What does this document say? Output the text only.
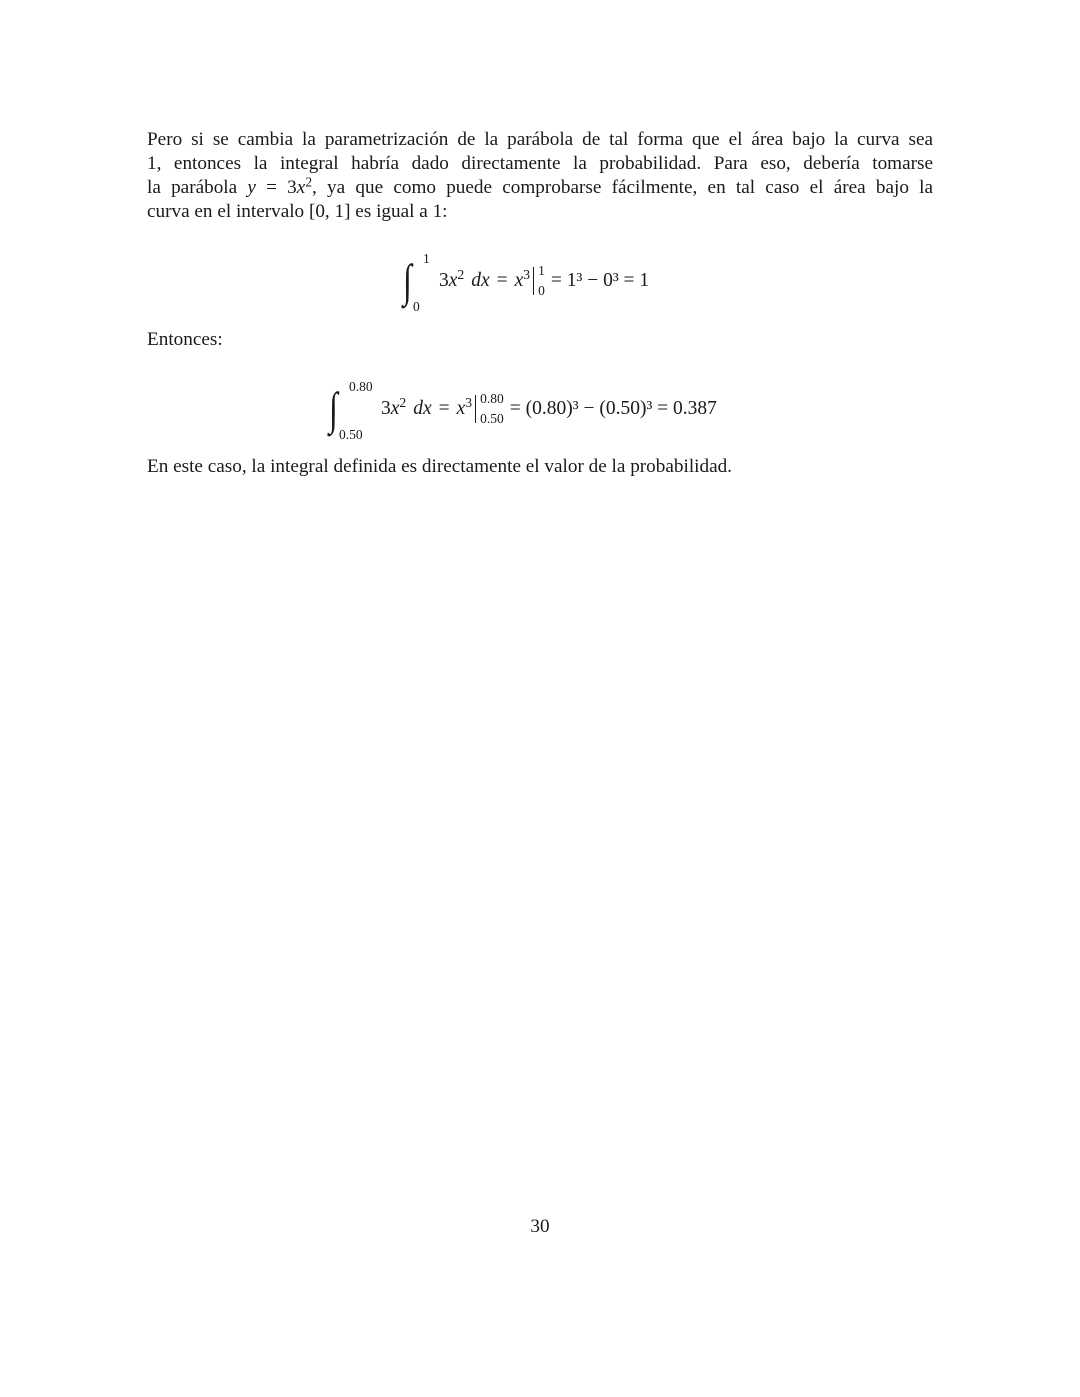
Pero si se cambia la parametrización de la parábola de tal forma que el área bajo la curva sea
1, entonces la integral habría dado directamente la probabilidad. Para eso, debería tomarse
la parábola $y = 3x^2$, ya que como puede comprobarse fácilmente, en tal caso el área bajo la
curva en el intervalo [0, 1] es igual a 1:
∫ 1
0
$3x^2$ dx = $x^3$ 1
0 = 1³ − 0³ = 1
Entonces:
∫ 0.80
0.50
$3x^2$ dx = $x^3$ 0.80
0.50 = (0.80)³ − (0.50)³ = 0.387
En este caso, la integral definida es directamente el valor de la probabilidad.
30
